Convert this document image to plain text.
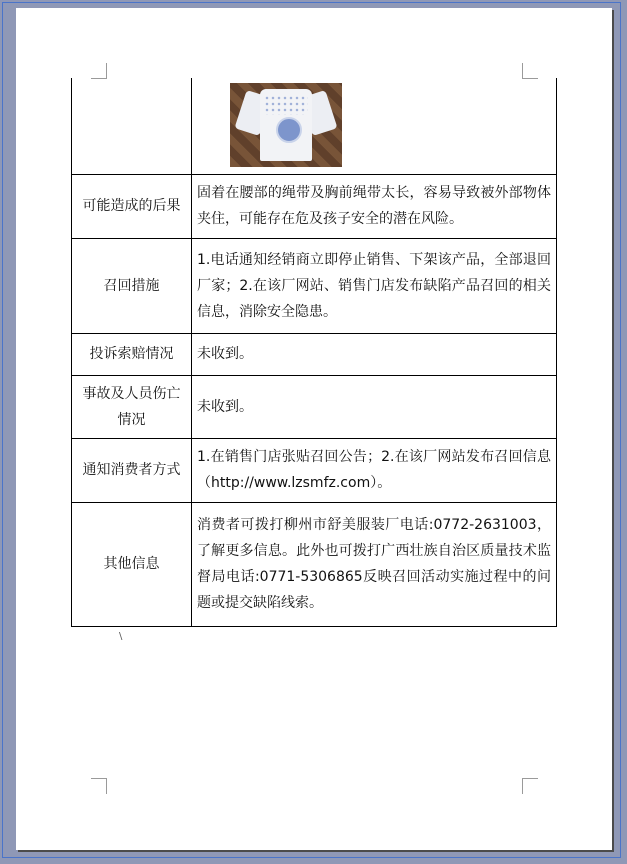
可能造成的后果	固着在腰部的绳带及胸前绳带太长，容易导致被外部物体夹住，可能存在危及孩子安全的潜在风险。
召回措施	1.电话通知经销商立即停止销售、下架该产品，全部退回厂家；2.在该厂网站、销售门店发布缺陷产品召回的相关信息，消除安全隐患。
投诉索赔情况	未收到。
事故及人员伤亡情况	未收到。
通知消费者方式	1.在销售门店张贴召回公告；2.在该厂网站发布召回信息（http://www.lzsmfz.com）。
其他信息	消费者可拨打柳州市舒美服装厂电话:0772-2631003，了解更多信息。此外也可拨打广西壮族自治区质量技术监督局电话:0771-5306865反映召回活动实施过程中的问题或提交缺陷线索。
\
